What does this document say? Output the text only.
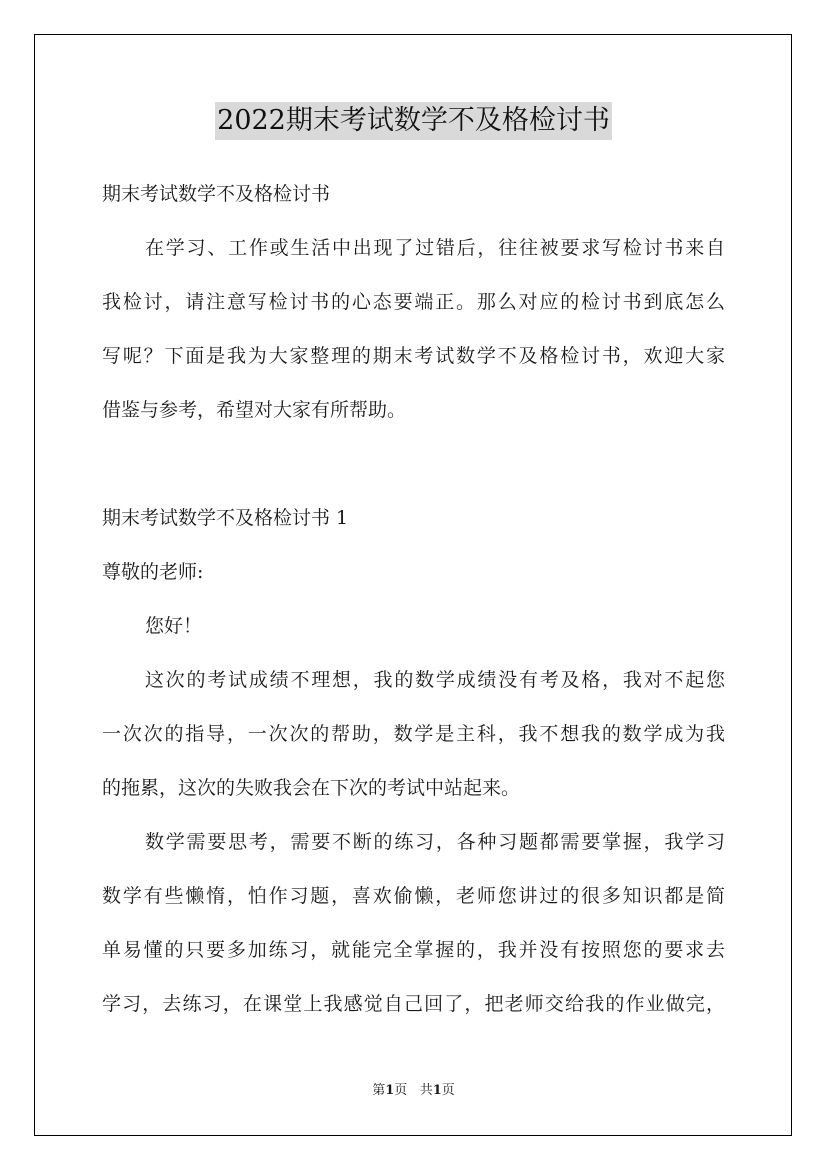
2022期末考试数学不及格检讨书
期末考试数学不及格检讨书
在学习、工作或生活中出现了过错后，往往被要求写检讨书来自
我检讨，请注意写检讨书的心态要端正。那么对应的检讨书到底怎么
写呢？下面是我为大家整理的期末考试数学不及格检讨书，欢迎大家
借鉴与参考，希望对大家有所帮助。
期末考试数学不及格检讨书 1
尊敬的老师:
您好！
这次的考试成绩不理想，我的数学成绩没有考及格，我对不起您
一次次的指导，一次次的帮助，数学是主科，我不想我的数学成为我
的拖累，这次的失败我会在下次的考试中站起来。
数学需要思考，需要不断的练习，各种习题都需要掌握，我学习
数学有些懒惰，怕作习题，喜欢偷懒，老师您讲过的很多知识都是简
单易懂的只要多加练习，就能完全掌握的，我并没有按照您的要求去
学习，去练习，在课堂上我感觉自己回了，把老师交给我的作业做完，
第1页 共1页
